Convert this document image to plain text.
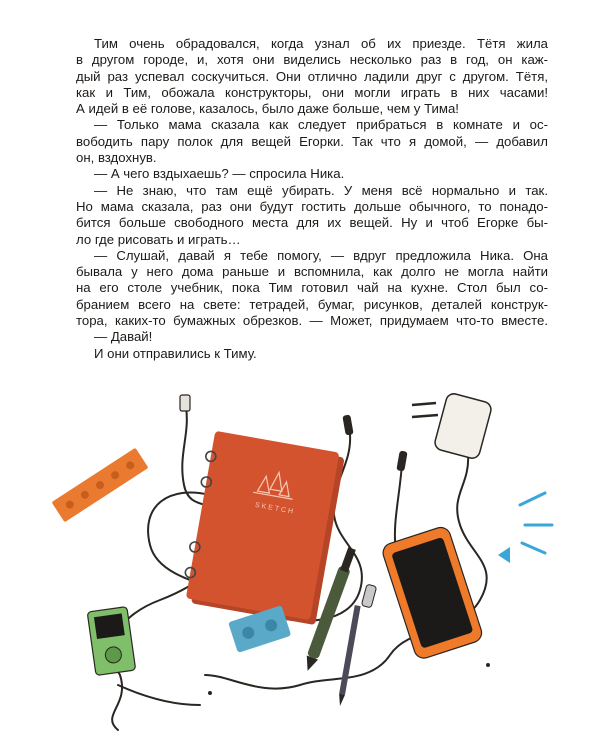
Тим очень обрадовался, когда узнал об их приезде. Тётя жила
в другом городе, и, хотя они виделись несколько раз в год, он каж-
дый раз успевал соскучиться. Они отлично ладили друг с другом. Тётя,
как и Тим, обожала конструкторы, они могли играть в них часами!
А идей в её голове, казалось, было даже больше, чем у Тима!

— Только мама сказала как следует прибраться в комнате и ос-
вободить пару полок для вещей Егорки. Так что я домой, — добавил
он, вздохнув.

— А чего вздыхаешь? — спросила Ника.

— Не знаю, что там ещё убирать. У меня всё нормально и так.
Но мама сказала, раз они будут гостить дольше обычного, то понадо-
бится больше свободного места для их вещей. Ну и чтоб Егорке бы-
ло где рисовать и играть…

— Слушай, давай я тебе помогу, — вдруг предложила Ника. Она
бывала у него дома раньше и вспомнила, как долго не могла найти
на его столе учебник, пока Тим готовил чай на кухне. Стол был со-
бранием всего на свете: тетрадей, бумаг, рисунков, деталей конструк-
тора, каких-то бумажных обрезков. — Может, придумаем что-то вместе.

— Давай!

И они отправились к Тиму.

SKETCH
